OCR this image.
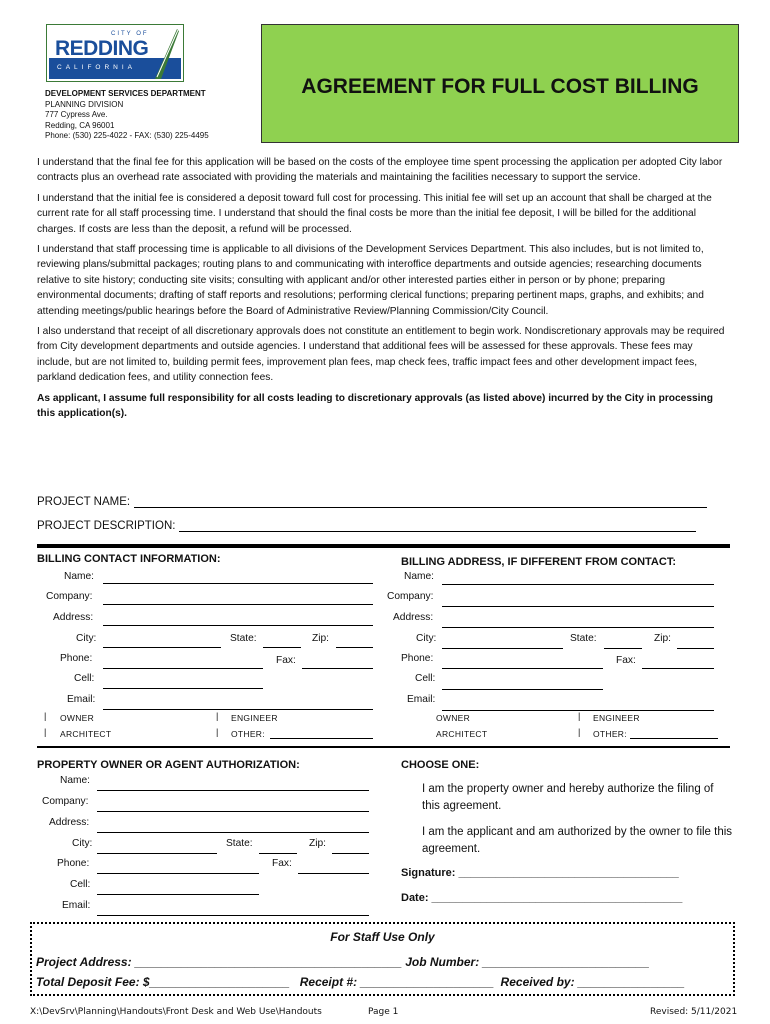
CITY OF
REDDING
CALIFORNIA
DEVELOPMENT SERVICES DEPARTMENT
PLANNING DIVISION
777 Cypress Ave.
Redding, CA 96001
Phone: (530) 225-4022 - FAX: (530) 225-4495
AGREEMENT FOR FULL COST BILLING

I understand that the final fee for this application will be based on the costs of the employee time spent processing the application per adopted City labor contracts plus an overhead rate associated with providing the materials and maintaining the facilities necessary to support the service.

I understand that the initial fee is considered a deposit toward full cost for processing. This initial fee will set up an account that shall be charged at the current rate for all staff processing time. I understand that should the final costs be more than the initial fee deposit, I will be billed for the additional charges. If costs are less than the deposit, a refund will be processed.

I understand that staff processing time is applicable to all divisions of the Development Services Department. This also includes, but is not limited to, reviewing plans/submittal packages; routing plans to and communicating with interoffice departments and outside agencies; researching documents relative to site history; conducting site visits; consulting with applicant and/or other interested parties either in person or by phone; preparing environmental documents; drafting of staff reports and resolutions; performing clerical functions; preparing pertinent maps, graphs, and exhibits; and attending meetings/public hearings before the Board of Administrative Review/Planning Commission/City Council.

I also understand that receipt of all discretionary approvals does not constitute an entitlement to begin work. Nondiscretionary approvals may be required from City development departments and outside agencies. I understand that additional fees will be assessed for these approvals. These fees may include, but are not limited to, building permit fees, improvement plan fees, map check fees, traffic impact fees and other development impact fees, parkland dedication fees, and utility connection fees.

As applicant, I assume full responsibility for all costs leading to discretionary approvals (as listed above) incurred by the City in processing this application(s).

PROJECT NAME:
PROJECT DESCRIPTION:
BILLING CONTACT INFORMATION:	BILLING ADDRESS, IF DIFFERENT FROM CONTACT:
Name:
Company:
Address:
City:	State:	Zip:
Phone:	Fax:
Cell:
Email:
| OWNER	| ENGINEER
| ARCHITECT	| OTHER:
Name:
Company:
Address:
City:	State:	Zip:
Phone:	Fax:
Cell:
Email:
OWNER	| ENGINEER
ARCHITECT	| OTHER:
PROPERTY OWNER OR AGENT AUTHORIZATION:
Name:
Company:
Address:
City:	State:	Zip:
Phone:	Fax:
Cell:
Email:
CHOOSE ONE:
I am the property owner and hereby authorize the filing of this agreement.
I am the applicant and am authorized by the owner to file this agreement.
Signature: ____________________________________
Date: _________________________________________
For Staff Use Only
Project Address: ________________________________________ Job Number: _________________________
Total Deposit Fee: $_____________________   Receipt #: ____________________  Received by: ________________
X:\DevSrv\Planning\Handouts\Front Desk and Web Use\Handouts	Page 1	Revised: 5/11/2021
